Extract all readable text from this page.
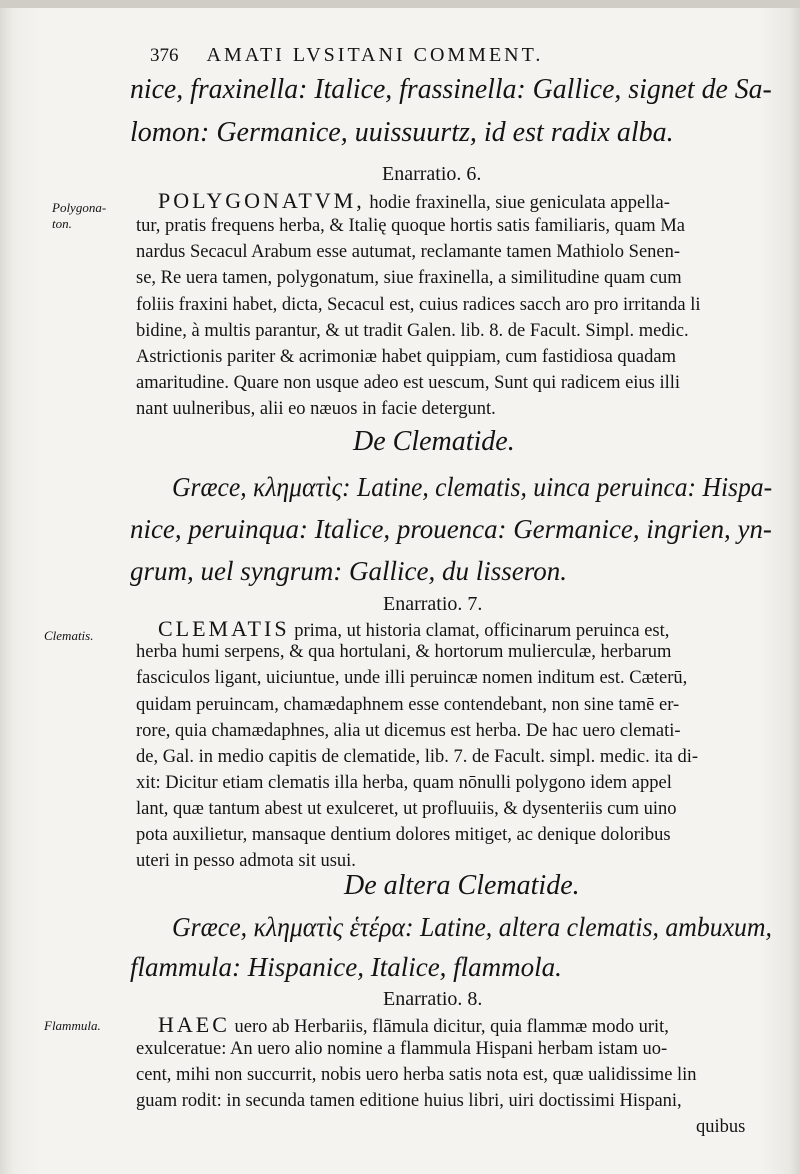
376 AMATI LVSITANI COMMENT.
Polygona-
ton.
Clematis.
Flammula.
nice, fraxinella: Italice, frassinella: Gallice, signet de Sa-
lomon: Germanice, uuissuurtz, id est radix alba.
Enarratio. 6.
POLYGONATVM, hodie fraxinella, siue geniculata appella-
tur, pratis frequens herba, & Italię quoque hortis satis familiaris, quam Ma
nardus Secacul Arabum esse autumat, reclamante tamen Mathiolo Senen-
se, Re uera tamen, polygonatum, siue fraxinella, a similitudine quam cum
foliis fraxini habet, dicta, Secacul est, cuius radices sacch aro pro irritanda li
bidine, à multis parantur, & ut tradit Galen. lib. 8. de Facult. Simpl. medic.
Astrictionis pariter & acrimoniæ habet quippiam, cum fastidiosa quadam
amaritudine. Quare non usque adeo est uescum, Sunt qui radicem eius illi
nant uulneribus, alii eo næuos in facie detergunt.
De Clematide.
Græce, κληματὶς: Latine, clematis, uinca peruinca: Hispa-
nice, peruinqua: Italice, prouenca: Germanice, ingrien, yn-
grum, uel syngrum: Gallice, du lisseron.
Enarratio. 7.
CLEMATIS prima, ut historia clamat, officinarum peruinca est,
herba humi serpens, & qua hortulani, & hortorum mulierculæ, herbarum
fasciculos ligant, uiciuntue, unde illi peruincæ nomen inditum est. Cæterū,
quidam peruincam, chamædaphnem esse contendebant, non sine tamē er-
rore, quia chamædaphnes, alia ut dicemus est herba. De hac uero clemati-
de, Gal. in medio capitis de clematide, lib. 7. de Facult. simpl. medic. ita di-
xit: Dicitur etiam clematis illa herba, quam nōnulli polygono idem appel
lant, quæ tantum abest ut exulceret, ut profluuiis, & dysenteriis cum uino
pota auxilietur, mansaque dentium dolores mitiget, ac denique doloribus
uteri in pesso admota sit usui.
De altera Clematide.
Græce, κληματὶς ἑτέρα: Latine, altera clematis, ambuxum,
flammula: Hispanice, Italice, flammola.
Enarratio. 8.
HAEC uero ab Herbariis, flāmula dicitur, quia flammæ modo urit,
exulceratue: An uero alio nomine a flammula Hispani herbam istam uo-
cent, mihi non succurrit, nobis uero herba satis nota est, quæ ualidissime lin
guam rodit: in secunda tamen editione huius libri, uiri doctissimi Hispani,
quibus
